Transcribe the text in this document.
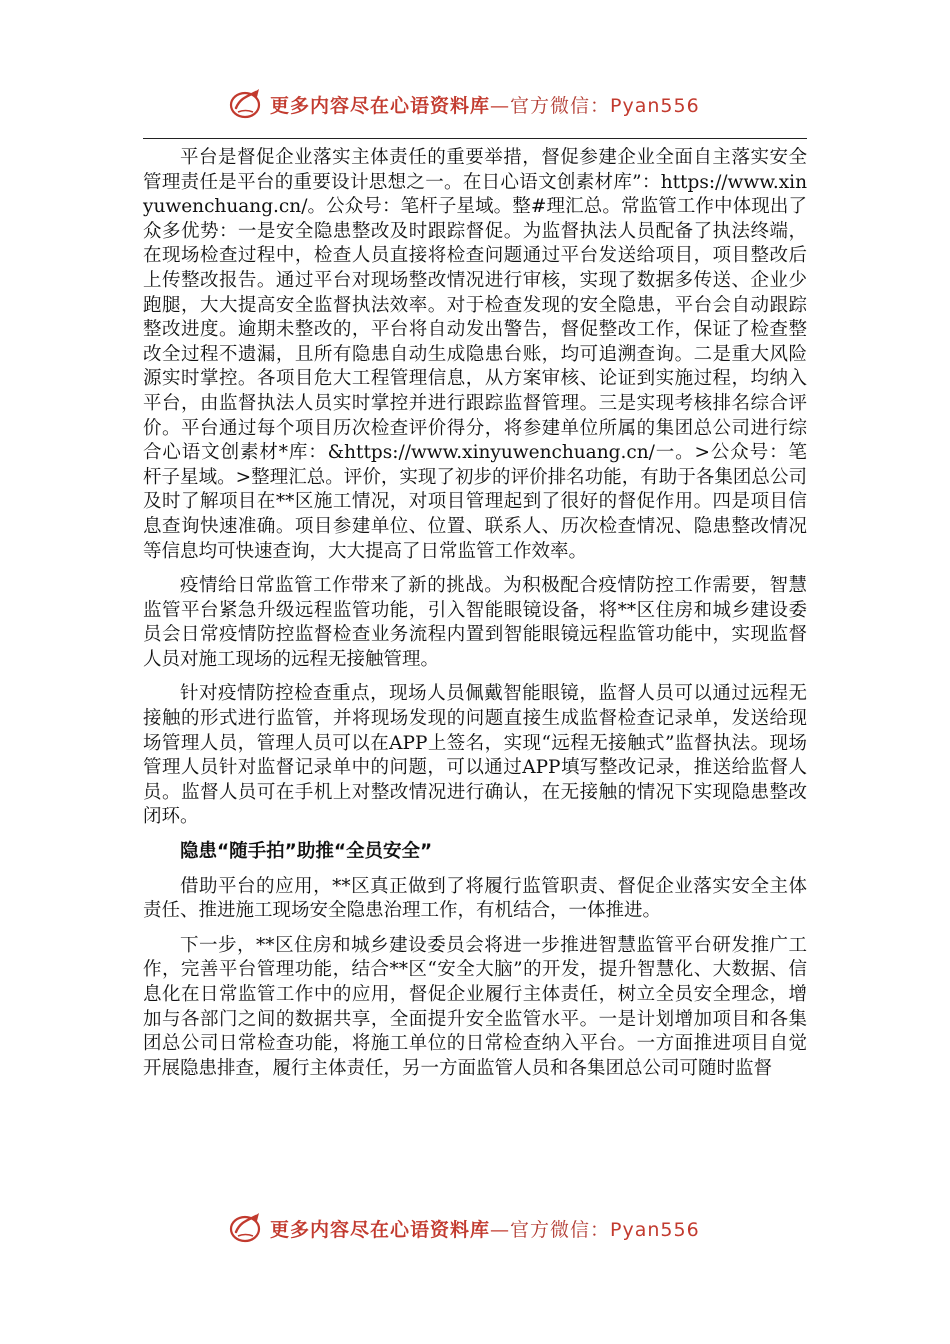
更多内容尽在心语资料库—官方微信：Pyan556

平台是督促企业落实主体责任的重要举措，督促参建企业全面自主落实安全管理责任是平台的重要设计思想之一。在日心语文创素材库”：https://www.xinyuwenchuang.cn/。公众号：笔杆子星域。整#理汇总。常监管工作中体现出了众多优势：一是安全隐患整改及时跟踪督促。为监督执法人员配备了执法终端，在现场检查过程中，检查人员直接将检查问题通过平台发送给项目，项目整改后上传整改报告。通过平台对现场整改情况进行审核，实现了数据多传送、企业少跑腿，大大提高安全监督执法效率。对于检查发现的安全隐患，平台会自动跟踪整改进度。逾期未整改的，平台将自动发出警告，督促整改工作，保证了检查整改全过程不遗漏，且所有隐患自动生成隐患台账，均可追溯查询。二是重大风险源实时掌控。各项目危大工程管理信息，从方案审核、论证到实施过程，均纳入平台，由监督执法人员实时掌控并进行跟踪监督管理。三是实现考核排名综合评价。平台通过每个项目历次检查评价得分，将参建单位所属的集团总公司进行综合心语文创素材*库：&https://www.xinyuwenchuang.cn/一。>公众号：笔杆子星域。>整理汇总。评价，实现了初步的评价排名功能，有助于各集团总公司及时了解项目在**区施工情况，对项目管理起到了很好的督促作用。四是项目信息查询快速准确。项目参建单位、位置、联系人、历次检查情况、隐患整改情况等信息均可快速查询，大大提高了日常监管工作效率。

疫情给日常监管工作带来了新的挑战。为积极配合疫情防控工作需要，智慧监管平台紧急升级远程监管功能，引入智能眼镜设备，将**区住房和城乡建设委员会日常疫情防控监督检查业务流程内置到智能眼镜远程监管功能中，实现监督人员对施工现场的远程无接触管理。

针对疫情防控检查重点，现场人员佩戴智能眼镜，监督人员可以通过远程无接触的形式进行监管，并将现场发现的问题直接生成监督检查记录单，发送给现场管理人员，管理人员可以在APP上签名，实现“远程无接触式”监督执法。现场管理人员针对监督记录单中的问题，可以通过APP填写整改记录，推送给监督人员。监督人员可在手机上对整改情况进行确认，在无接触的情况下实现隐患整改闭环。

隐患“随手拍”助推“全员安全”

借助平台的应用，**区真正做到了将履行监管职责、督促企业落实安全主体责任、推进施工现场安全隐患治理工作，有机结合，一体推进。

下一步，**区住房和城乡建设委员会将进一步推进智慧监管平台研发推广工作，完善平台管理功能，结合**区“安全大脑”的开发，提升智慧化、大数据、信息化在日常监管工作中的应用，督促企业履行主体责任，树立全员安全理念，增加与各部门之间的数据共享，全面提升安全监管水平。一是计划增加项目和各集团总公司日常检查功能，将施工单位的日常检查纳入平台。一方面推进项目自觉开展隐患排查，履行主体责任，另一方面监管人员和各集团总公司可随时监督

更多内容尽在心语资料库—官方微信：Pyan556
